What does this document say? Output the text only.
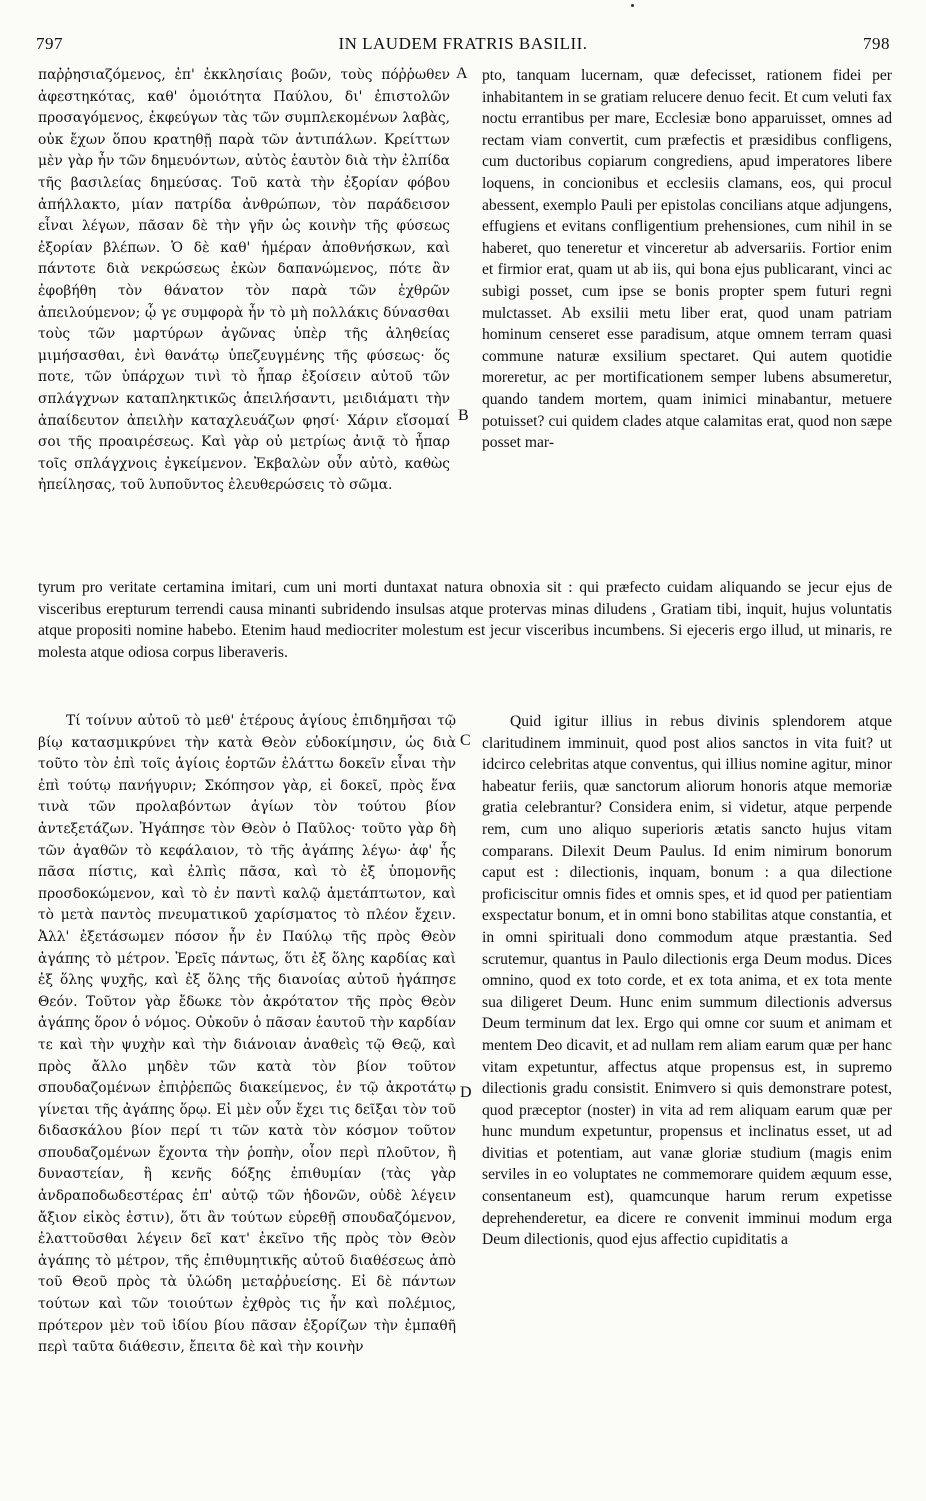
797	IN LAUDEM FRATRIS BASILII.	798

παῤῥησιαζόμενος, ἐπ' ἐκκλησίαις βοῶν, τοὺς πόῤῥωθεν ἀφεστηκότας, καθ' ὁμοιότητα Παύλου, δι' ἐπιστολῶν προσαγόμενος, ἐκφεύγων τὰς τῶν συμπλεκομένων λαβὰς, οὐκ ἔχων ὅπου κρατηθῇ παρὰ τῶν ἀντιπάλων. Κρείττων μὲν γὰρ ἦν τῶν δημευόντων, αὐτὸς ἑαυτὸν διὰ τὴν ἐλπίδα τῆς βασιλείας δημεύσας. Τοῦ κατὰ τὴν ἐξορίαν φόβου ἀπήλλακτο, μίαν πατρίδα ἀνθρώπων, τὸν παράδεισον εἶναι λέγων, πᾶσαν δὲ τὴν γῆν ὡς κοινὴν τῆς φύσεως ἐξορίαν βλέπων. Ὁ δὲ καθ' ἡμέραν ἀποθνήσκων, καὶ πάντοτε διὰ νεκρώσεως ἐκὼν δαπανώμενος, πότε ἂν ἐφοβήθη τὸν θάνατον τὸν παρὰ τῶν ἐχθρῶν ἀπειλούμενον; ᾧ γε συμφορὰ ἦν τὸ μὴ πολλάκις δύνασθαι τοὺς τῶν μαρτύρων ἀγῶνας ὑπὲρ τῆς ἀληθείας μιμήσασθαι, ἐνὶ θανάτῳ ὑπεζευγμένης τῆς φύσεως· ὅς ποτε, τῶν ὑπάρχων τινὶ τὸ ἧπαρ ἐξοίσειν αὐτοῦ τῶν σπλάγχνων καταπληκτικῶς ἀπειλήσαντι, μειδιάματι τὴν ἀπαίδευτον ἀπειλὴν καταχλευάζων φησί· Χάριν εἴσομαί σοι τῆς προαιρέσεως. Καὶ γὰρ οὐ μετρίως ἀνιᾷ τὸ ἧπαρ τοῖς σπλάγχνοις ἐγκείμενον. Ἐκβαλὼν οὖν αὐτὸ, καθὼς ἠπείλησας, τοῦ λυποῦντος ἐλευθερώσεις τὸ σῶμα.

A
B

pto, tanquam lucernam, quæ defecisset, rationem fidei per inhabitantem in se gratiam relucere denuo fecit. Et cum veluti fax noctu errantibus per mare, Ecclesiæ bono apparuisset, omnes ad rectam viam convertit, cum præfectis et præsidibus confligens, cum ductoribus copiarum congrediens, apud imperatores libere loquens, in concionibus et ecclesiis clamans, eos, qui procul abessent, exemplo Pauli per epistolas concilians atque adjungens, effugiens et evitans confligentium prehensiones, cum nihil in se haberet, quo teneretur et vinceretur ab adversariis. Fortior enim et firmior erat, quam ut ab iis, qui bona ejus publicarant, vinci ac subigi posset, cum ipse se bonis propter spem futuri regni mulctasset. Ab exsilii metu liber erat, quod unam patriam hominum censeret esse paradisum, atque omnem terram quasi commune naturæ exsilium spectaret. Qui autem quotidie moreretur, ac per mortificationem semper lubens absumeretur, quando tandem mortem, quam inimici minabantur, metuere potuisset? cui quidem clades atque calamitas erat, quod non sæpe posset mar-

tyrum pro veritate certamina imitari, cum uni morti duntaxat natura obnoxia sit : qui præfecto cuidam aliquando se jecur ejus de visceribus erepturum terrendi causa minanti subridendo insulsas atque protervas minas diludens , Gratiam tibi, inquit, hujus voluntatis atque propositi nomine habebo. Etenim haud mediocriter molestum est jecur visceribus incumbens. Si ejeceris ergo illud, ut minaris, re molesta atque odiosa corpus liberaveris.

Τί τοίνυν αὐτοῦ τὸ μεθ' ἑτέρους ἁγίους ἐπιδημῆσαι τῷ βίῳ κατασμικρύνει τὴν κατὰ Θεὸν εὐδοκίμησιν, ὡς διὰ τοῦτο τὸν ἐπὶ τοῖς ἁγίοις ἑορτῶν ἐλάττω δοκεῖν εἶναι τὴν ἐπὶ τούτῳ πανήγυριν; Σκόπησον γὰρ, εἰ δοκεῖ, πρὸς ἕνα τινὰ τῶν προλαβόντων ἁγίων τὸν τούτου βίον ἀντεξετάζων. Ἠγάπησε τὸν Θεὸν ὁ Παῦλος· τοῦτο γὰρ δὴ τῶν ἀγαθῶν τὸ κεφάλαιον, τὸ τῆς ἀγάπης λέγω· ἀφ' ἧς πᾶσα πίστις, καὶ ἐλπὶς πᾶσα, καὶ τὸ ἐξ ὑπομονῆς προσδοκώμενον, καὶ τὸ ἐν παντὶ καλῷ ἀμετάπτωτον, καὶ τὸ μετὰ παντὸς πνευματικοῦ χαρίσματος τὸ πλέον ἔχειν. Ἀλλ' ἐξετάσωμεν πόσον ἦν ἐν Παύλῳ τῆς πρὸς Θεὸν ἀγάπης τὸ μέτρον. Ἐρεῖς πάντως, ὅτι ἐξ ὅλης καρδίας καὶ ἐξ ὅλης ψυχῆς, καὶ ἐξ ὅλης τῆς διανοίας αὐτοῦ ἠγάπησε Θεόν. Τοῦτον γὰρ ἔδωκε τὸν ἀκρότατον τῆς πρὸς Θεὸν ἀγάπης ὅρον ὁ νόμος. Οὐκοῦν ὁ πᾶσαν ἑαυτοῦ τὴν καρδίαν τε καὶ τὴν ψυχὴν καὶ τὴν διάνοιαν ἀναθεὶς τῷ Θεῷ, καὶ πρὸς ἄλλο μηδὲν τῶν κατὰ τὸν βίον τοῦτον σπουδαζομένων ἐπιῤῥεπῶς διακείμενος, ἐν τῷ ἀκροτάτῳ γίνεται τῆς ἀγάπης ὅρῳ. Εἰ μὲν οὖν ἔχει τις δεῖξαι τὸν τοῦ διδασκάλου βίον περί τι τῶν κατὰ τὸν κόσμον τοῦτον σπουδαζομένων ἔχοντα τὴν ῥοπὴν, οἷον περὶ πλοῦτον, ἢ δυναστείαν, ἢ κενῆς δόξης ἐπιθυμίαν (τὰς γὰρ ἀνδραποδωδεστέρας ἐπ' αὐτῷ τῶν ἡδονῶν, οὐδὲ λέγειν ἄξιον εἰκὸς ἐστιν), ὅτι ἂν τούτων εὑρεθῇ σπουδαζόμενον, ἐλαττοῦσθαι λέγειν δεῖ κατ' ἐκεῖνο τῆς πρὸς τὸν Θεὸν ἀγάπης τὸ μέτρον, τῆς ἐπιθυμητικῆς αὐτοῦ διαθέσεως ἀπὸ τοῦ Θεοῦ πρὸς τὰ ὑλώδη μεταῤῥυείσης. Εἰ δὲ πάντων τούτων καὶ τῶν τοιούτων ἐχθρὸς τις ἦν καὶ πολέμιος, πρότερον μὲν τοῦ ἰδίου βίου πᾶσαν ἐξορίζων τὴν ἐμπαθῆ περὶ ταῦτα διάθεσιν, ἔπειτα δὲ καὶ τὴν κοινὴν

C
D

Quid igitur illius in rebus divinis splendorem atque claritudinem imminuit, quod post alios sanctos in vita fuit? ut idcirco celebritas atque conventus, qui illius nomine agitur, minor habeatur feriis, quæ sanctorum aliorum honoris atque memoriæ gratia celebrantur? Considera enim, si videtur, atque perpende rem, cum uno aliquo superioris ætatis sancto hujus vitam comparans. Dilexit Deum Paulus. Id enim nimirum bonorum caput est : dilectionis, inquam, bonum : a qua dilectione proficiscitur omnis fides et omnis spes, et id quod per patientiam exspectatur bonum, et in omni bono stabilitas atque constantia, et in omni spirituali dono commodum atque præstantia. Sed scrutemur, quantus in Paulo dilectionis erga Deum modus. Dices omnino, quod ex toto corde, et ex tota anima, et ex tota mente sua diligeret Deum. Hunc enim summum dilectionis adversus Deum terminum dat lex. Ergo qui omne cor suum et animam et mentem Deo dicavit, et ad nullam rem aliam earum quæ per hanc vitam expetuntur, affectus atque propensus est, in supremo dilectionis gradu consistit. Enimvero si quis demonstrare potest, quod præceptor (noster) in vita ad rem aliquam earum quæ per hunc mundum expetuntur, propensus et inclinatus esset, ut ad divitias et potentiam, aut vanæ gloriæ studium (magis enim serviles in eo voluptates ne commemorare quidem æquum esse, consentaneum est), quamcunque harum rerum expetisse deprehenderetur, ea dicere re convenit imminui modum erga Deum dilectionis, quod ejus affectio cupiditatis a
